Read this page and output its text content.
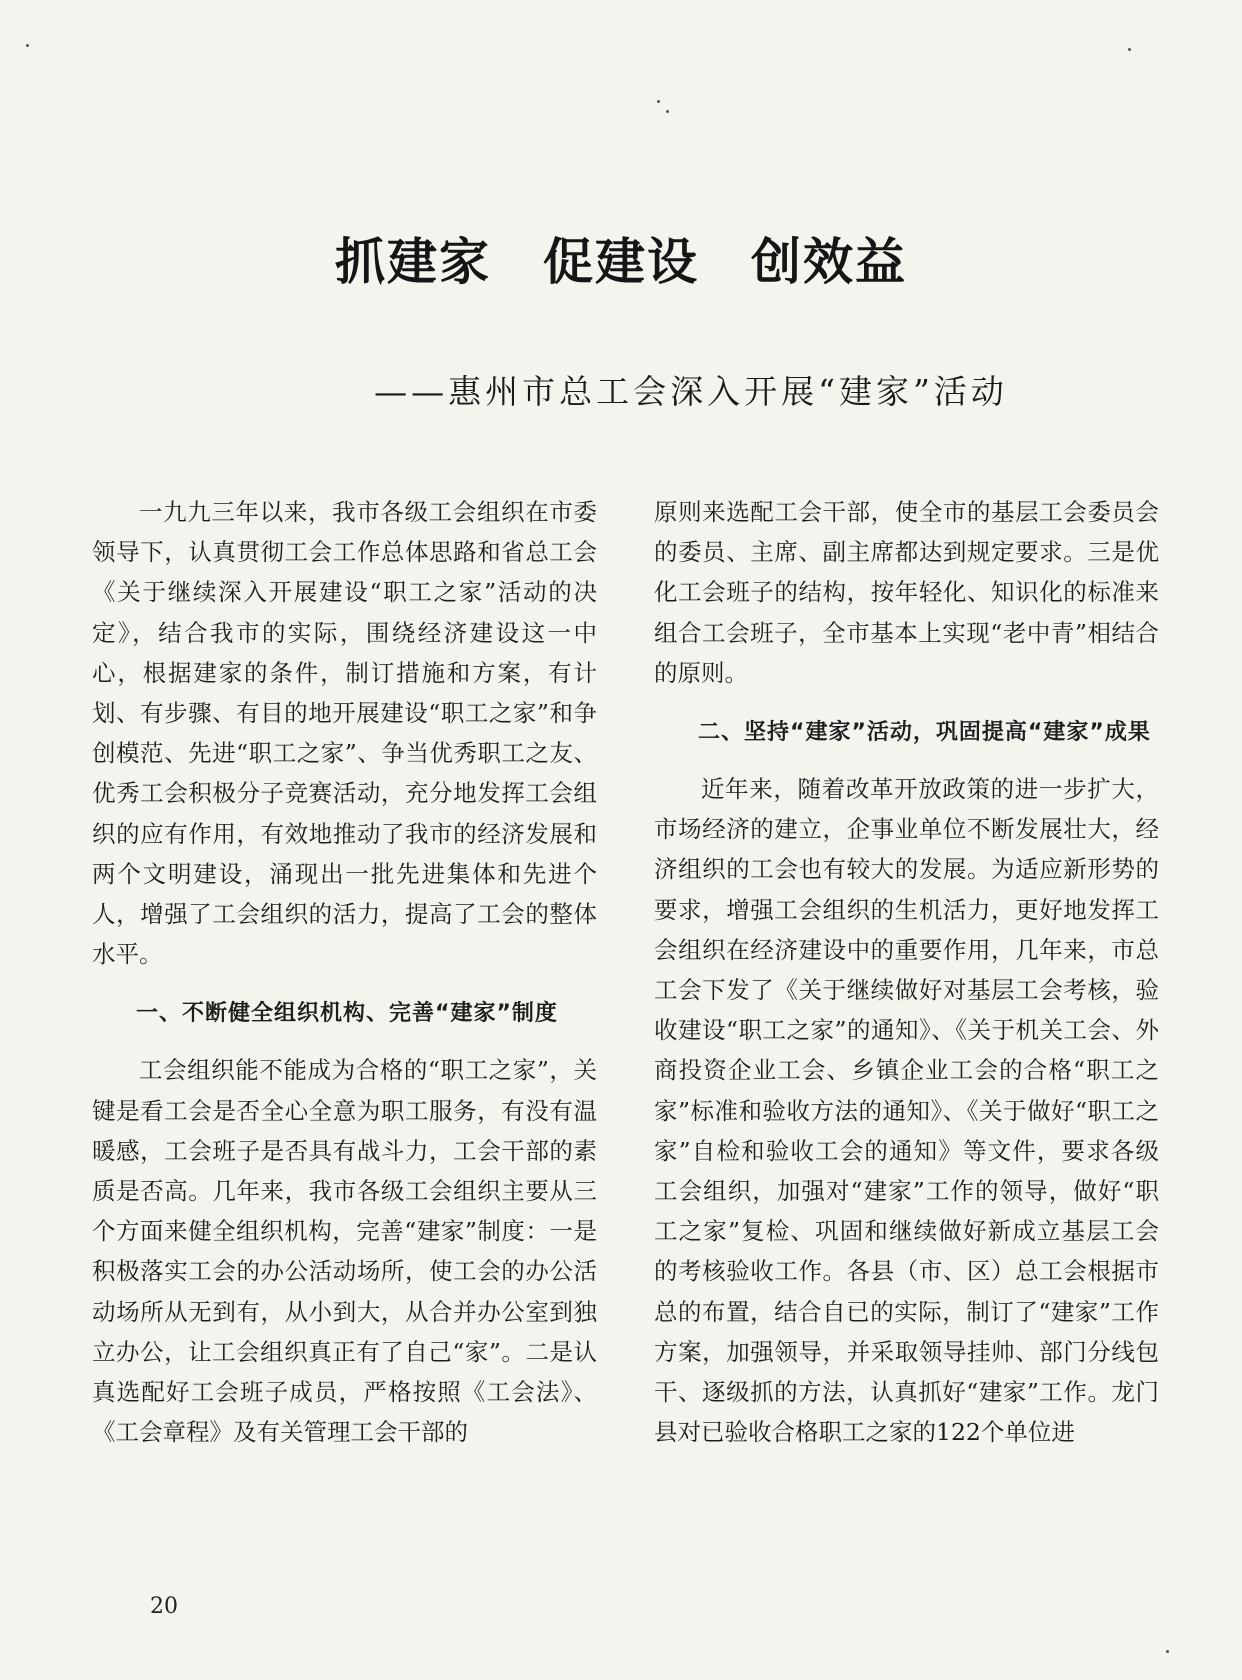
抓建家　促建设　创效益
——惠州市总工会深入开展“建家”活动

一九九三年以来，我市各级工会组织在市委领导下，认真贯彻工会工作总体思路和省总工会《关于继续深入开展建设“职工之家”活动的决定》，结合我市的实际，围绕经济建设这一中心，根据建家的条件，制订措施和方案，有计划、有步骤、有目的地开展建设“职工之家”和争创模范、先进“职工之家”、争当优秀职工之友、优秀工会积极分子竞赛活动，充分地发挥工会组织的应有作用，有效地推动了我市的经济发展和两个文明建设，涌现出一批先进集体和先进个人，增强了工会组织的活力，提高了工会的整体水平。

一、不断健全组织机构、完善“建家”制度

工会组织能不能成为合格的“职工之家”，关键是看工会是否全心全意为职工服务，有没有温暖感，工会班子是否具有战斗力，工会干部的素质是否高。几年来，我市各级工会组织主要从三个方面来健全组织机构，完善“建家”制度：一是积极落实工会的办公活动场所，使工会的办公活动场所从无到有，从小到大，从合并办公室到独立办公，让工会组织真正有了自己“家”。二是认真选配好工会班子成员，严格按照《工会法》、《工会章程》及有关管理工会干部的

原则来选配工会干部，使全市的基层工会委员会的委员、主席、副主席都达到规定要求。三是优化工会班子的结构，按年轻化、知识化的标准来组合工会班子，全市基本上实现“老中青”相结合的原则。

二、坚持“建家”活动，巩固提高“建家”成果

近年来，随着改革开放政策的进一步扩大，市场经济的建立，企事业单位不断发展壮大，经济组织的工会也有较大的发展。为适应新形势的要求，增强工会组织的生机活力，更好地发挥工会组织在经济建设中的重要作用，几年来，市总工会下发了《关于继续做好对基层工会考核，验收建设“职工之家”的通知》、《关于机关工会、外商投资企业工会、乡镇企业工会的合格“职工之家”标准和验收方法的通知》、《关于做好“职工之家”自检和验收工会的通知》等文件，要求各级工会组织，加强对“建家”工作的领导，做好“职工之家”复检、巩固和继续做好新成立基层工会的考核验收工作。各县（市、区）总工会根据市总的布置，结合自已的实际，制订了“建家”工作方案，加强领导，并采取领导挂帅、部门分线包干、逐级抓的方法，认真抓好“建家”工作。龙门县对已验收合格职工之家的122个单位进

20
